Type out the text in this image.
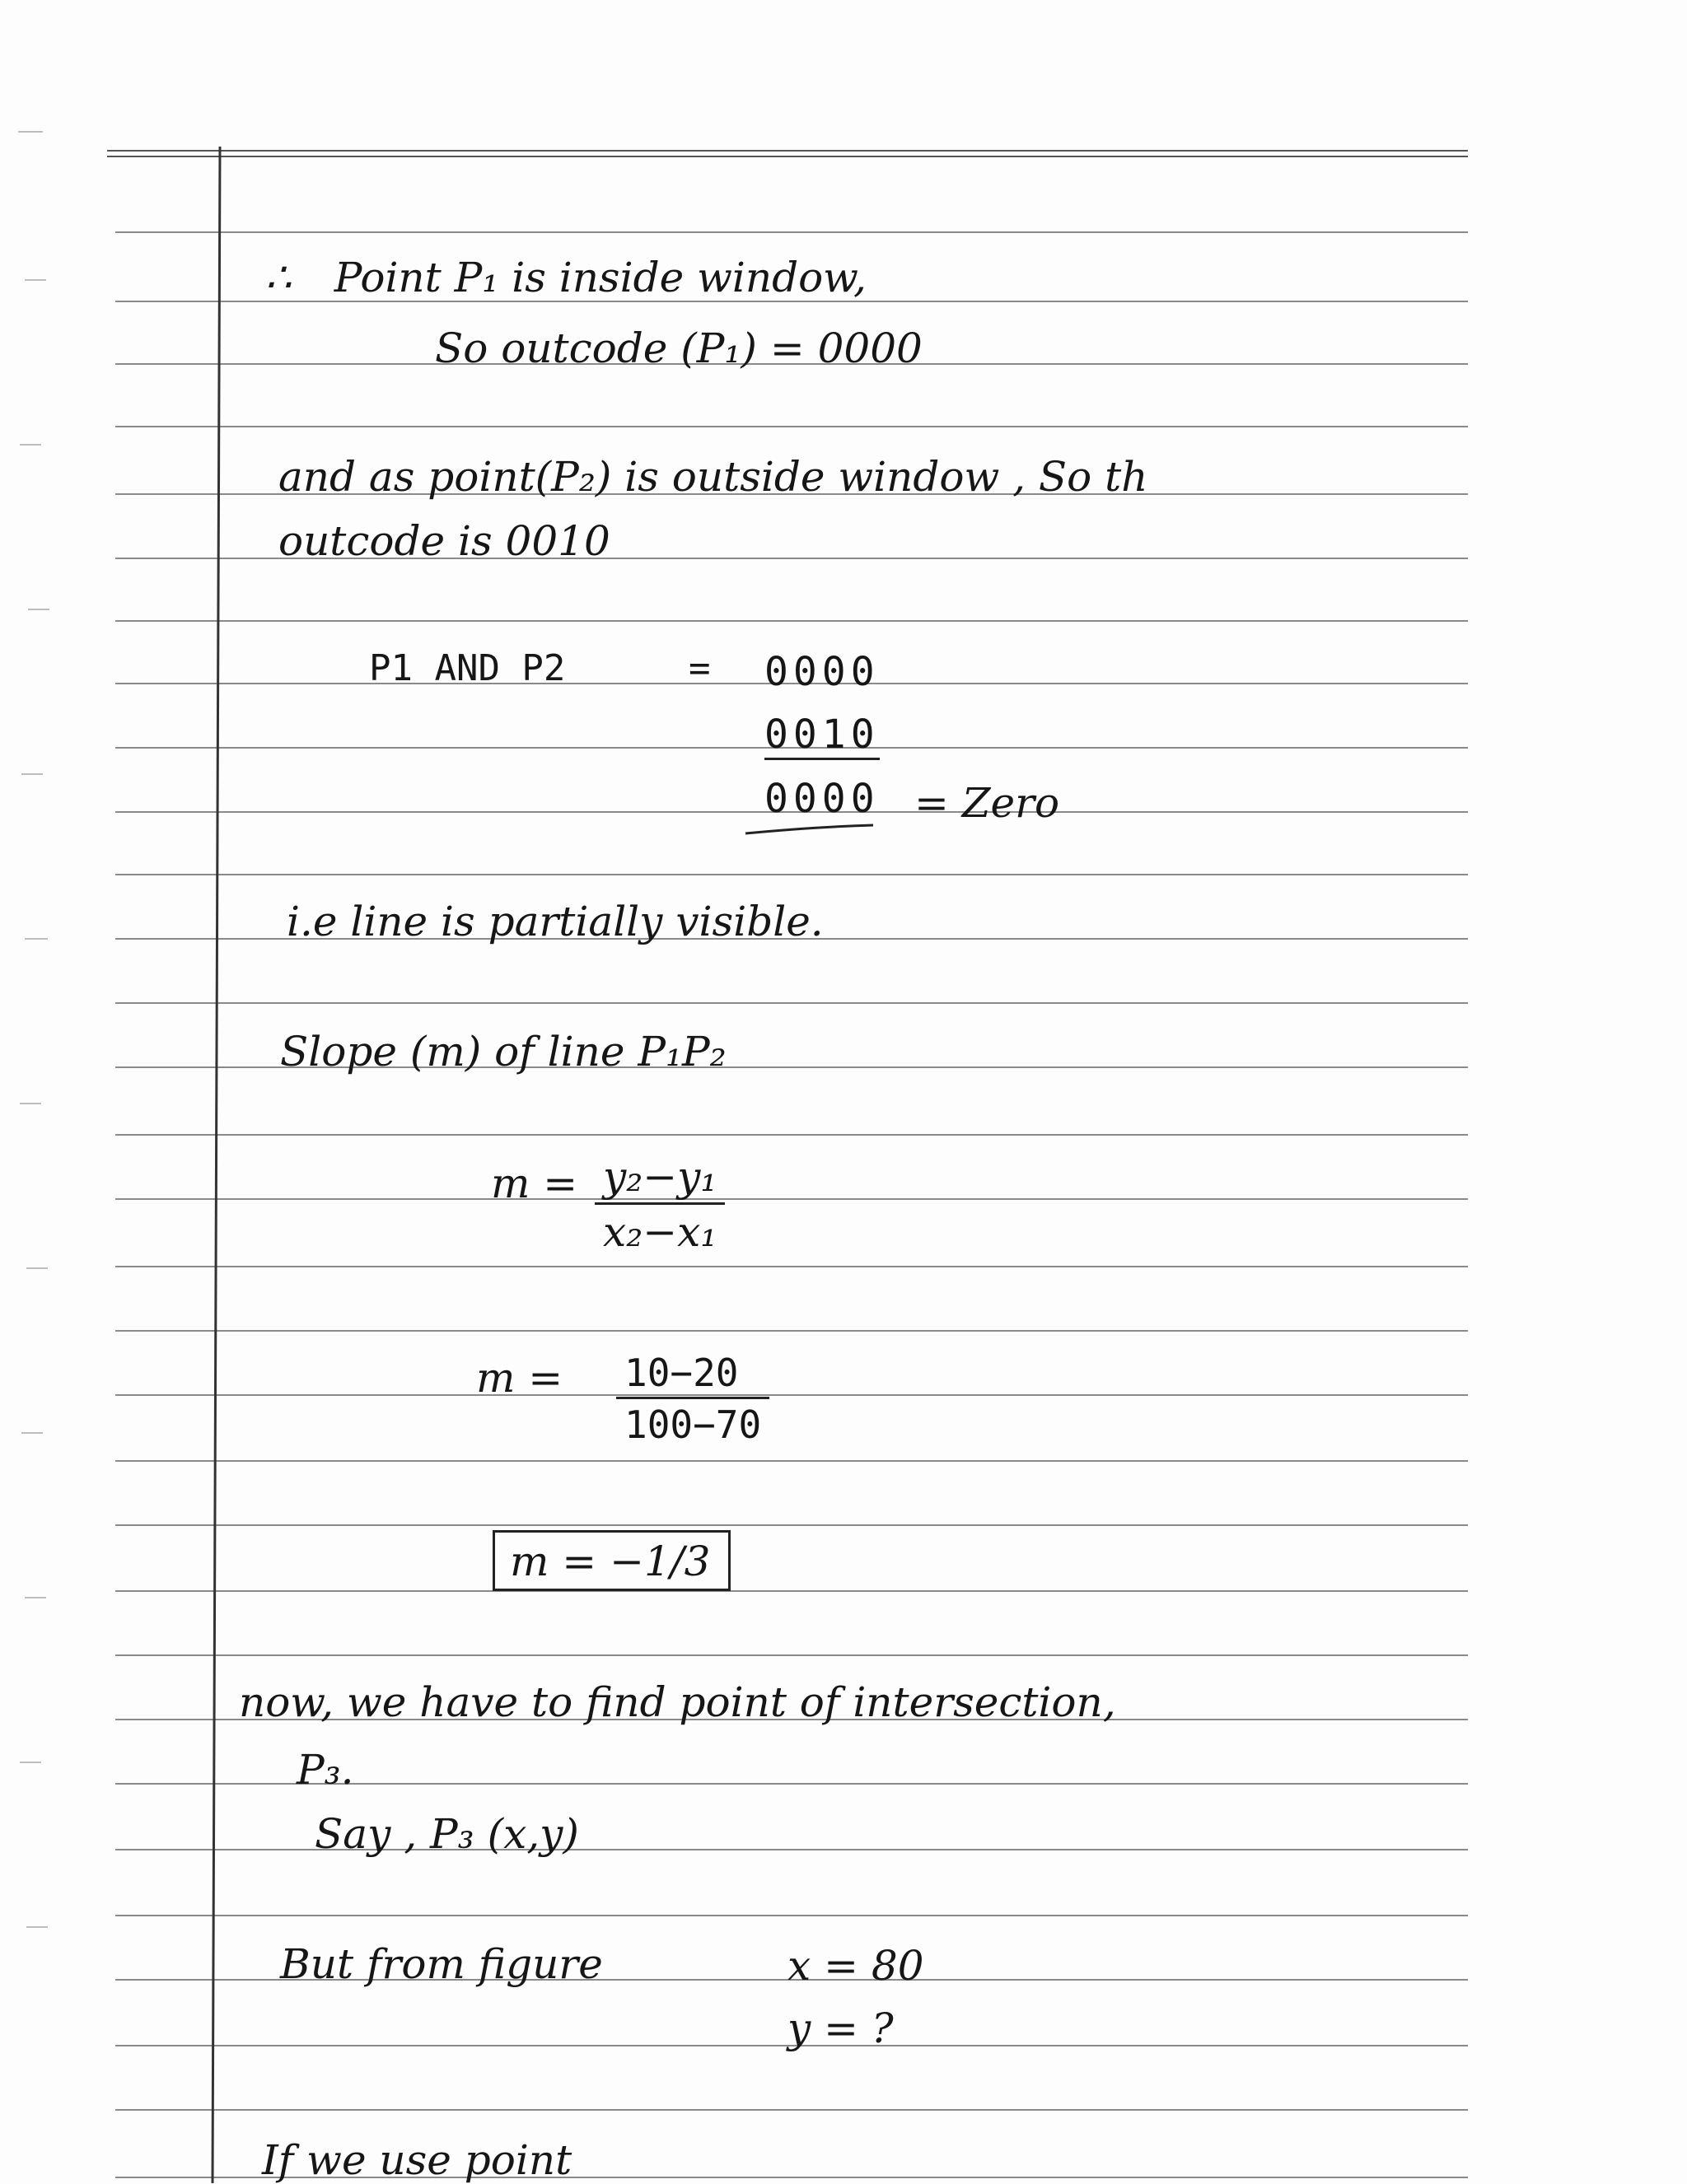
∴ Point P₁ is inside window,
So outcode (P₁) = 0000
and as point(P₂) is outside window , So th
outcode is 0010
P1 AND P2	= 0000
0010
0000 = Zero
i.e line is partially visible.
Slope (m) of line P₁P₂
$m = \frac{\text{y₂−y₁}}{\text{x₂−x₁}}$
$m = \frac{10-20}{100-70}$
m = −1/3
now, we have to find point of intersection,
P₃.
Say , P₃ (x,y)
But from figure	x = 80
y = ?
If we use point
